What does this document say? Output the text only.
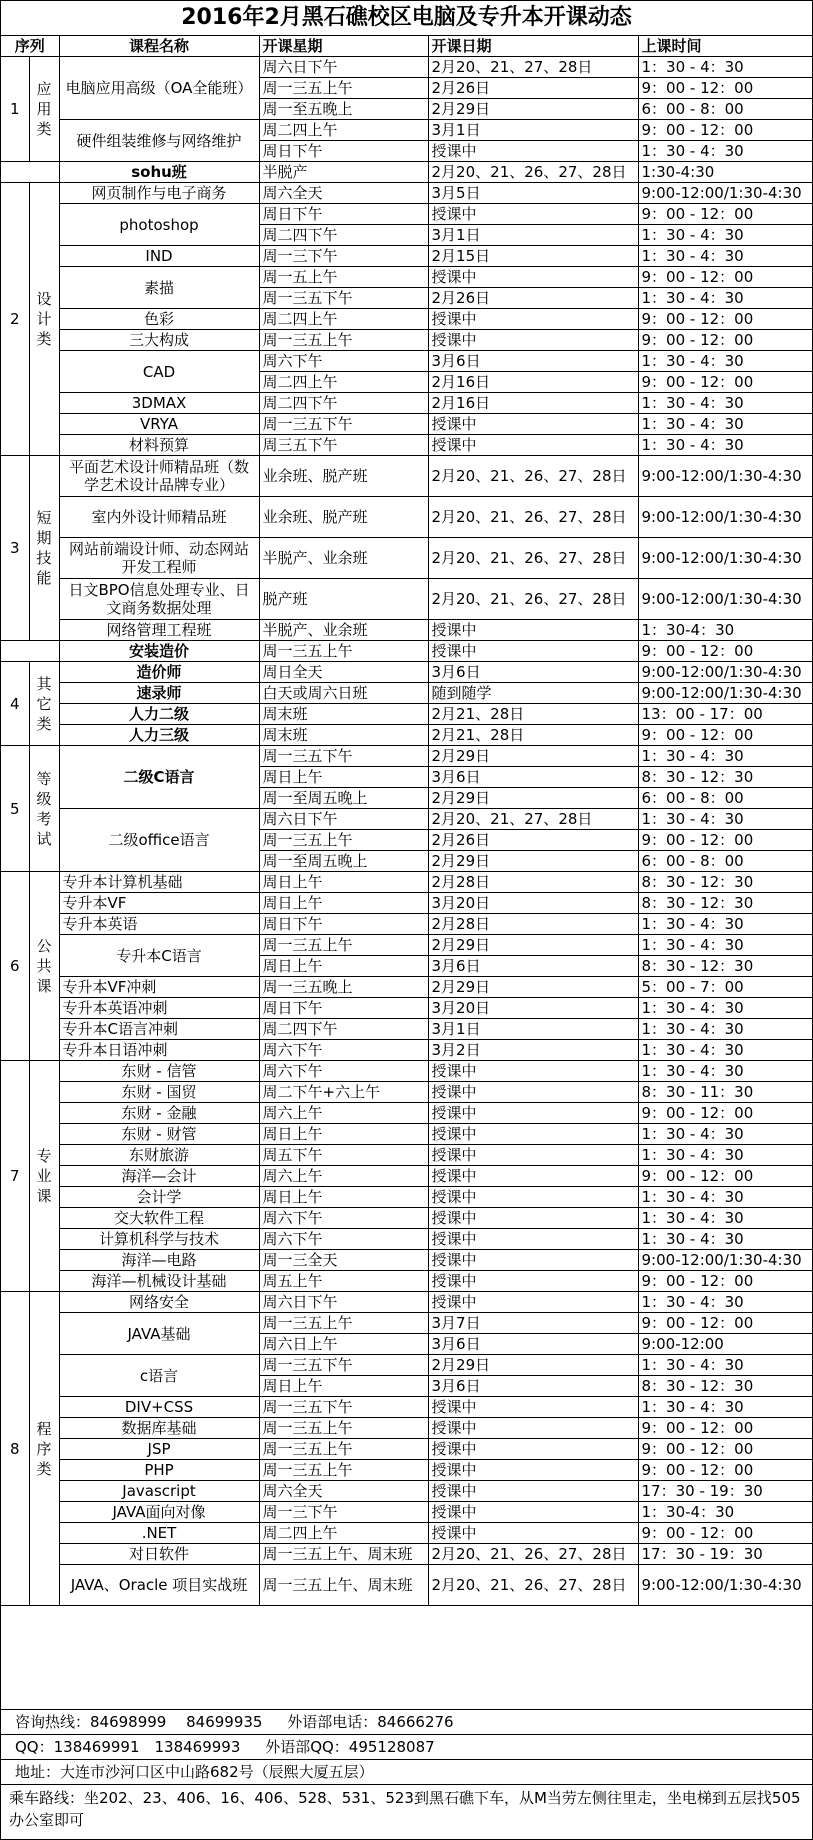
2016年2月黑石礁校区电脑及专升本开课动态
序列		课程名称	开课星期	开课日期	上课时间
1	应用类	电脑应用高级（OA全能班）	周六日下午	2月20、21、27、28日	1：30 - 4：30
			周一三五上午	2月26日	9：00 - 12：00
			周一至五晚上	2月29日	6：00 - 8：00
		硬件组装维修与网络维护	周二四上午	3月1日	9：00 - 12：00
			周日下午	授课中	1：30 - 4：30
		sohu班	半脱产	2月20、21、26、27、28日	1:30-4:30
2	设计类	网页制作与电子商务	周六全天	3月5日	9:00-12:00/1:30-4:30
		photoshop	周日下午	授课中	9：00 - 12：00
			周二四下午	3月1日	1：30 - 4：30
		IND	周一三下午	2月15日	1：30 - 4：30
		素描	周一五上午	授课中	9：00 - 12：00
			周一三五下午	2月26日	1：30 - 4：30
		色彩	周二四上午	授课中	9：00 - 12：00
		三大构成	周一三五上午	授课中	9：00 - 12：00
		CAD	周六下午	3月6日	1：30 - 4：30
			周二四上午	2月16日	9：00 - 12：00
		3DMAX	周二四下午	2月16日	1：30 - 4：30
		VRYA	周一三五下午	授课中	1：30 - 4：30
		材料预算	周三五下午	授课中	1：30 - 4：30
3	短期技能	平面艺术设计师精品班（数学艺术设计品牌专业）	业余班、脱产班	2月20、21、26、27、28日	9:00-12:00/1:30-4:30
		室内外设计师精品班	业余班、脱产班	2月20、21、26、27、28日	9:00-12:00/1:30-4:30
		网站前端设计师、动态网站开发工程师	半脱产、业余班	2月20、21、26、27、28日	9:00-12:00/1:30-4:30
		日文BPO信息处理专业、日文商务数据处理	脱产班	2月20、21、26、27、28日	9:00-12:00/1:30-4:30
		网络管理工程班	半脱产、业余班	授课中	1：30-4：30
		安装造价	周一三五上午	授课中	9：00 - 12：00
4	其它类	造价师	周日全天	3月6日	9:00-12:00/1:30-4:30
		速录师	白天或周六日班	随到随学	9:00-12:00/1:30-4:30
		人力二级	周末班	2月21、28日	13：00 - 17：00
		人力三级	周末班	2月21、28日	9：00 - 12：00
5	等级考试	二级C语言	周一三五下午	2月29日	1：30 - 4：30
			周日上午	3月6日	8：30 - 12：30
			周一至周五晚上	2月29日	6：00 - 8：00
		二级office语言	周六日下午	2月20、21、27、28日	1：30 - 4：30
			周一三五上午	2月26日	9：00 - 12：00
			周一至周五晚上	2月29日	6：00 - 8：00
6	公共课	专升本计算机基础	周日上午	2月28日	8：30 - 12：30
		专升本VF	周日上午	3月20日	8：30 - 12：30
		专升本英语	周日下午	2月28日	1：30 - 4：30
		专升本C语言	周一三五上午	2月29日	1：30 - 4：30
			周日上午	3月6日	8：30 - 12：30
		专升本VF冲刺	周一三五晚上	2月29日	5：00 - 7：00
		专升本英语冲刺	周日下午	3月20日	1：30 - 4：30
		专升本C语言冲刺	周二四下午	3月1日	1：30 - 4：30
		专升本日语冲刺	周六下午	3月2日	1：30 - 4：30
7	专业课	东财 - 信管	周六下午	授课中	1：30 - 4：30
		东财 - 国贸	周二下午+六上午	授课中	8：30 - 11：30
		东财 - 金融	周六上午	授课中	9：00 - 12：00
		东财 - 财管	周日上午	授课中	1：30 - 4：30
		东财旅游	周五下午	授课中	1：30 - 4：30
		海洋—会计	周六上午	授课中	9：00 - 12：00
		会计学	周日上午	授课中	1：30 - 4：30
		交大软件工程	周六下午	授课中	1：30 - 4：30
		计算机科学与技术	周六下午	授课中	1：30 - 4：30
		海洋—电路	周一三全天	授课中	9:00-12:00/1:30-4:30
		海洋—机械设计基础	周五上午	授课中	9：00 - 12：00
8	程序类	网络安全	周六日下午	授课中	1：30 - 4：30
		JAVA基础	周一三五上午	3月7日	9：00 - 12：00
			周六日上午	3月6日	9:00-12:00
		c语言	周一三五下午	2月29日	1：30 - 4：30
			周日上午	3月6日	8：30 - 12：30
		DIV+CSS	周一三五下午	授课中	1：30 - 4：30
		数据库基础	周一三五上午	授课中	9：00 - 12：00
		JSP	周一三五上午	授课中	9：00 - 12：00
		PHP	周一三五上午	授课中	9：00 - 12：00
		Javascript	周六全天	授课中	17：30 - 19：30
		JAVA面向对像	周一三下午	授课中	1：30-4：30
		.NET	周二四上午	授课中	9：00 - 12：00
		对日软件	周一三五上午、周末班	2月20、21、26、27、28日	17：30 - 19：30
		JAVA、Oracle 项目实战班	周一三五上午、周末班	2月20、21、26、27、28日	9:00-12:00/1:30-4:30
咨询热线：84698999　 84699935 外语部电话：84666276
QQ：138469991　138469993 外语部QQ：495128087
地址：大连市沙河口区中山路682号（辰熙大厦五层）
乘车路线：坐202、23、406、16、406、528、531、523到黑石礁下车，从M当劳左侧往里走，坐电梯到五层找505办公室即可
